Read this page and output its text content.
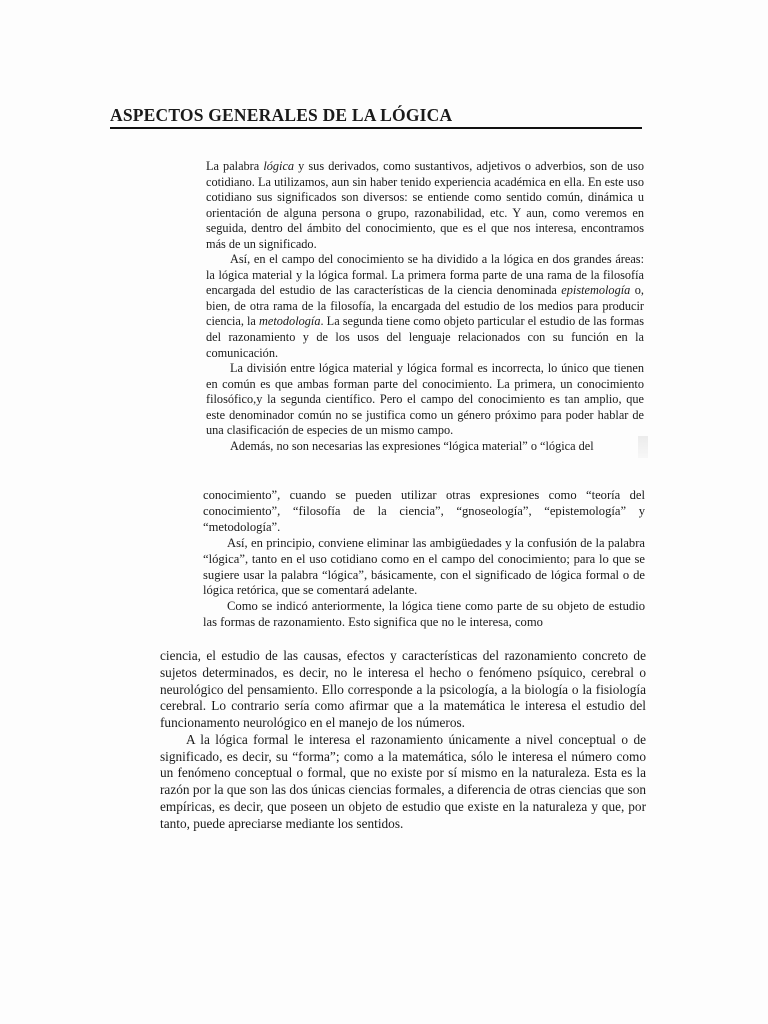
ASPECTOS GENERALES DE LA LÓGICA

La palabra lógica y sus derivados, como sustantivos, adjetivos o adverbios, son de uso cotidiano. La utilizamos, aun sin haber tenido experiencia académica en ella. En este uso cotidiano sus significados son diversos: se entiende como sentido común, dinámica u orientación de alguna persona o grupo, razonabilidad, etc. Y aun, como veremos en seguida, dentro del ámbito del conocimiento, que es el que nos interesa, encontramos más de un significado.

Así, en el campo del conocimiento se ha dividido a la lógica en dos grandes áreas: la lógica material y la lógica formal. La primera forma parte de una rama de la filosofía encargada del estudio de las características de la ciencia denominada epistemología o, bien, de otra rama de la filosofía, la encargada del estudio de los medios para producir ciencia, la metodología. La segunda tiene como objeto particular el estudio de las formas del razonamiento y de los usos del lenguaje relacionados con su función en la comunicación.

La división entre lógica material y lógica formal es incorrecta, lo único que tienen en común es que ambas forman parte del conocimiento. La primera, un conocimiento filosófico,y la segunda científico. Pero el campo del conocimiento es tan amplio, que este denominador común no se justifica como un género próximo para poder hablar de una clasificación de especies de un mismo campo.

Además, no son necesarias las expresiones “lógica material” o “lógica del

conocimiento”, cuando se pueden utilizar otras expresiones como “teoría del conocimiento”, “filosofía de la ciencia”, “gnoseología”, “epistemología” y “metodología”.

Así, en principio, conviene eliminar las ambigüedades y la confusión de la palabra “lógica”, tanto en el uso cotidiano como en el campo del conocimiento; para lo que se sugiere usar la palabra “lógica”, básicamente, con el significado de lógica formal o de lógica retórica, que se comentará adelante.

Como se indicó anteriormente, la lógica tiene como parte de su objeto de estudio las formas de razonamiento. Esto significa que no le interesa, como

ciencia, el estudio de las causas, efectos y características del razonamiento concreto de sujetos determinados, es decir, no le interesa el hecho o fenómeno psíquico, cerebral o neurológico del pensamiento. Ello corresponde a la psicología, a la biología o la fisiología cerebral. Lo contrario sería como afirmar que a la matemática le interesa el estudio del funcionamento neurológico en el manejo de los números.

A la lógica formal le interesa el razonamiento únicamente a nivel conceptual o de significado, es decir, su “forma”; como a la matemática, sólo le interesa el número como un fenómeno conceptual o formal, que no existe por sí mismo en la naturaleza. Esta es la razón por la que son las dos únicas ciencias formales, a diferencia de otras ciencias que son empíricas, es decir, que poseen un objeto de estudio que existe en la naturaleza y que, por tanto, puede apreciarse mediante los sentidos.
